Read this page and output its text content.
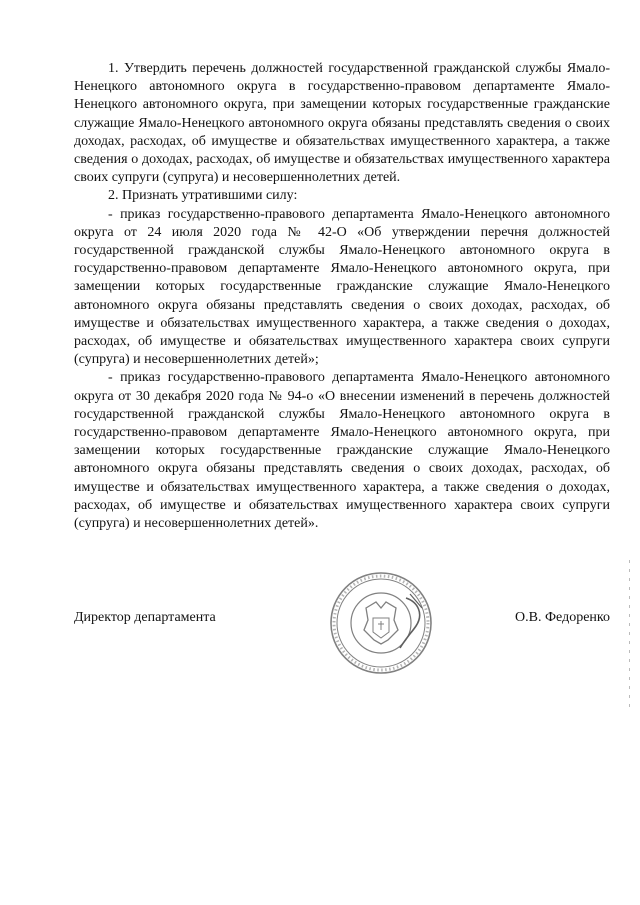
1. Утвердить перечень должностей государственной гражданской службы Ямало-Ненецкого автономного округа в государственно-правовом департаменте Ямало-Ненецкого автономного округа, при замещении которых государственные гражданские служащие Ямало-Ненецкого автономного округа обязаны представлять сведения о своих доходах, расходах, об имуществе и обязательствах имущественного характера, а также сведения о доходах, расходах, об имуществе и обязательствах имущественного характера своих супруги (супруга) и несовершеннолетних детей.

2. Признать утратившими силу:

- приказ государственно-правового департамента Ямало-Ненецкого автономного округа от 24 июля 2020 года № 42-О «Об утверждении перечня должностей государственной гражданской службы Ямало-Ненецкого автономного округа в государственно-правовом департаменте Ямало-Ненецкого автономного округа, при замещении которых государственные гражданские служащие Ямало-Ненецкого автономного округа обязаны представлять сведения о своих доходах, расходах, об имуществе и обязательствах имущественного характера, а также сведения о доходах, расходах, об имуществе и обязательствах имущественного характера своих супруги (супруга) и несовершеннолетних детей»;

- приказ государственно-правового департамента Ямало-Ненецкого автономного округа от 30 декабря 2020 года № 94-о «О внесении изменений в перечень должностей государственной гражданской службы Ямало-Ненецкого автономного округа в государственно-правовом департаменте Ямало-Ненецкого автономного округа, при замещении которых государственные гражданские служащие Ямало-Ненецкого автономного округа обязаны представлять сведения о своих доходах, расходах, об имуществе и обязательствах имущественного характера, а также сведения о доходах, расходах, об имуществе и обязательствах имущественного характера своих супруги (супруга) и несовершеннолетних детей».

Директор департамента	О.В. Федоренко
